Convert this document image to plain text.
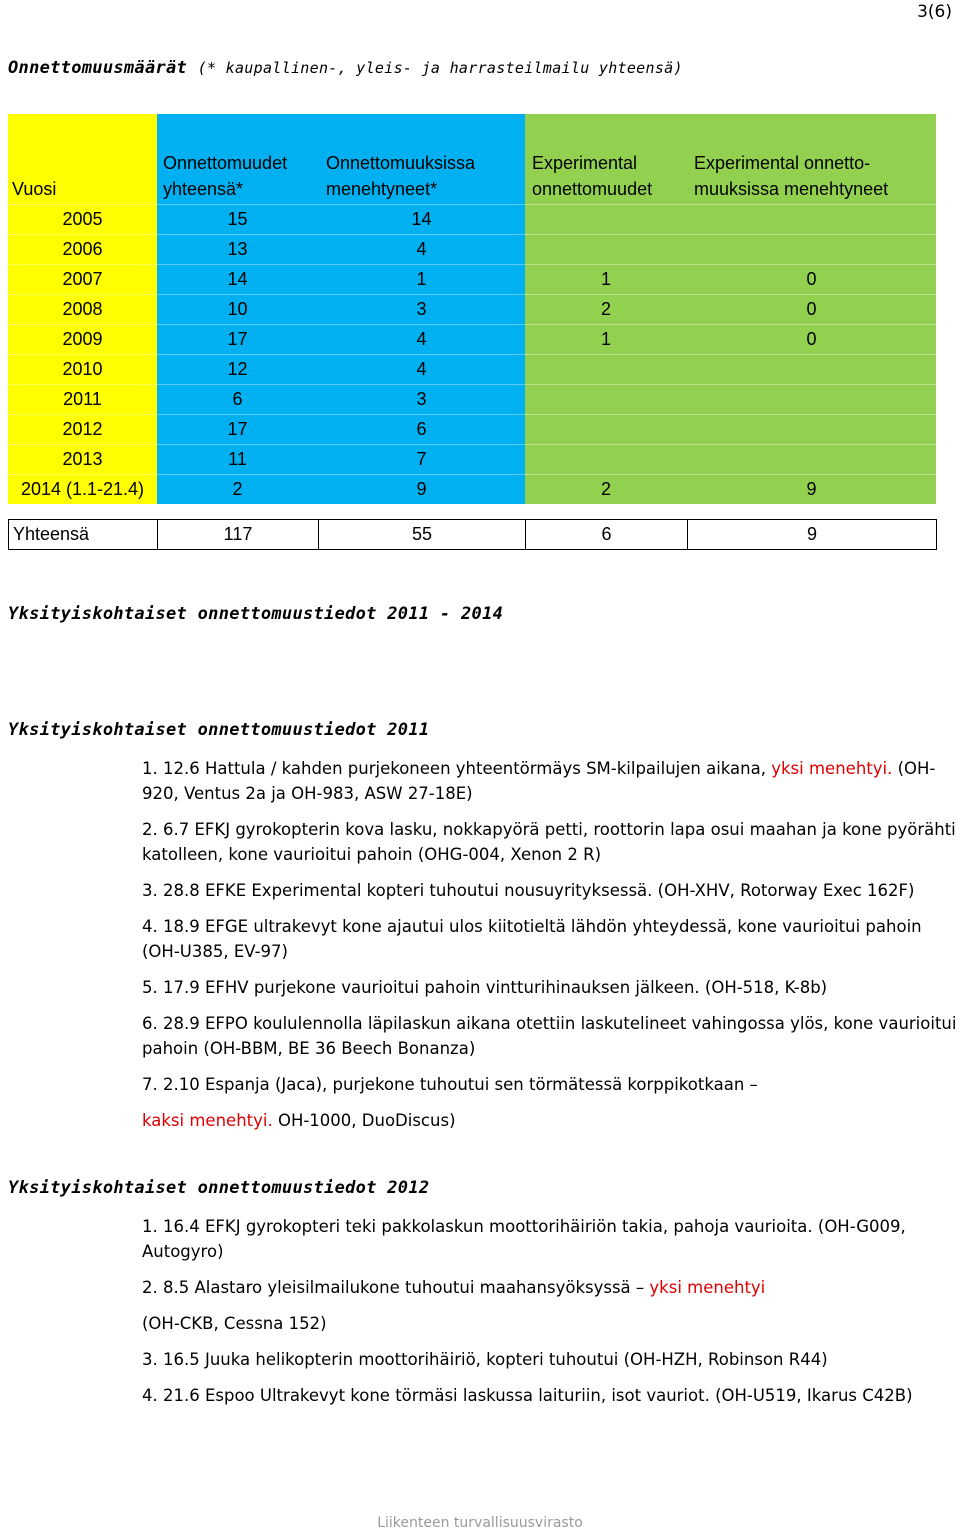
3(6)
Onnettomuusmäärät (* kaupallinen-, yleis- ja harrasteilmailu yhteensä)
Vuosi	Onnettomuudet yhteensä*	Onnettomuuksissa menehtyneet*	Experimental onnettomuudet	Experimental onnetto-muuksissa menehtyneet
2005	15	14		
2006	13	4		
2007	14	1	1	0
2008	10	3	2	0
2009	17	4	1	0
2010	12	4		
2011	6	3		
2012	17	6		
2013	11	7		
2014 (1.1-21.4)	2	9	2	9
Yhteensä	117	55	6	9
Yksityiskohtaiset onnettomuustiedot 2011 - 2014
Yksityiskohtaiset onnettomuustiedot 2011
1. 12.6 Hattula / kahden purjekoneen yhteentörmäys SM-kilpailujen aikana, yksi menehtyi. (OH-920, Ventus 2a ja OH-983, ASW 27-18E)
2. 6.7 EFKJ gyrokopterin kova lasku, nokkapyörä petti, roottorin lapa osui maahan ja kone pyörähti katolleen, kone vaurioitui pahoin (OHG-004, Xenon 2 R)
3. 28.8 EFKE Experimental kopteri tuhoutui nousuyrityksessä. (OH-XHV, Rotorway Exec 162F)
4. 18.9 EFGE ultrakevyt kone ajautui ulos kiitotieltä lähdön yhteydessä, kone vaurioitui pahoin (OH-U385, EV-97)
5. 17.9 EFHV purjekone vaurioitui pahoin vintturihinauksen jälkeen. (OH-518, K-8b)
6. 28.9 EFPO koululennolla läpilaskun aikana otettiin laskutelineet vahingossa ylös, kone vaurioitui pahoin (OH-BBM, BE 36 Beech Bonanza)
7. 2.10 Espanja (Jaca), purjekone tuhoutui sen törmätessä korppikotkaan –
kaksi menehtyi. OH-1000, DuoDiscus)
Yksityiskohtaiset onnettomuustiedot 2012
1. 16.4 EFKJ gyrokopteri teki pakkolaskun moottorihäiriön takia, pahoja vaurioita. (OH-G009, Autogyro)
2. 8.5 Alastaro yleisilmailukone tuhoutui maahansyöksyssä – yksi menehtyi
(OH-CKB, Cessna 152)
3. 16.5 Juuka helikopterin moottorihäiriö, kopteri tuhoutui (OH-HZH, Robinson R44)
4. 21.6 Espoo Ultrakevyt kone törmäsi laskussa laituriin, isot vauriot. (OH-U519, Ikarus C42B)
Liikenteen turvallisuusvirasto
